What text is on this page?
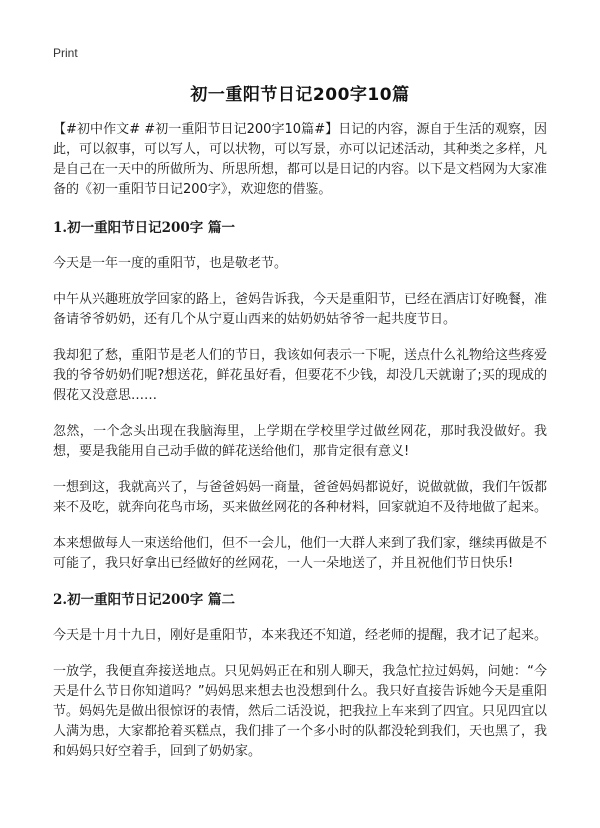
Print
初一重阳节日记200字10篇

【#初中作文# #初一重阳节日记200字10篇#】日记的内容，源自于生活的观察，因此，可以叙事，可以写人，可以状物，可以写景，亦可以记述活动，其种类之多样，凡是自己在一天中的所做所为、所思所想，都可以是日记的内容。以下是文档网为大家准备的《初一重阳节日记200字》，欢迎您的借鉴。

1.初一重阳节日记200字 篇一

今天是一年一度的重阳节，也是敬老节。

中午从兴趣班放学回家的路上，爸妈告诉我，今天是重阳节，已经在酒店订好晚餐，准备请爷爷奶奶，还有几个从宁夏山西来的姑奶奶姑爷爷一起共度节日。

我却犯了愁，重阳节是老人们的节日，我该如何表示一下呢，送点什么礼物给这些疼爱我的爷爷奶奶们呢?想送花，鲜花虽好看，但要花不少钱，却没几天就谢了;买的现成的假花又没意思……

忽然，一个念头出现在我脑海里，上学期在学校里学过做丝网花，那时我没做好。我想，要是我能用自己动手做的鲜花送给他们，那肯定很有意义!

一想到这，我就高兴了，与爸爸妈妈一商量，爸爸妈妈都说好，说做就做，我们午饭都来不及吃，就奔向花鸟市场，买来做丝网花的各种材料，回家就迫不及待地做了起来。

本来想做每人一束送给他们，但不一会儿，他们一大群人来到了我们家，继续再做是不可能了，我只好拿出已经做好的丝网花，一人一朵地送了，并且祝他们节日快乐!

2.初一重阳节日记200字 篇二

今天是十月十九日，刚好是重阳节，本来我还不知道，经老师的提醒，我才记了起来。

一放学，我便直奔接送地点。只见妈妈正在和别人聊天，我急忙拉过妈妈，问她：“今天是什么节日你知道吗？”妈妈思来想去也没想到什么。我只好直接告诉她今天是重阳节。妈妈先是做出很惊讶的表情，然后二话没说，把我拉上车来到了四宜。只见四宜以人满为患，大家都抢着买糕点，我们排了一个多小时的队都没轮到我们，天也黑了，我和妈妈只好空着手，回到了奶奶家。
